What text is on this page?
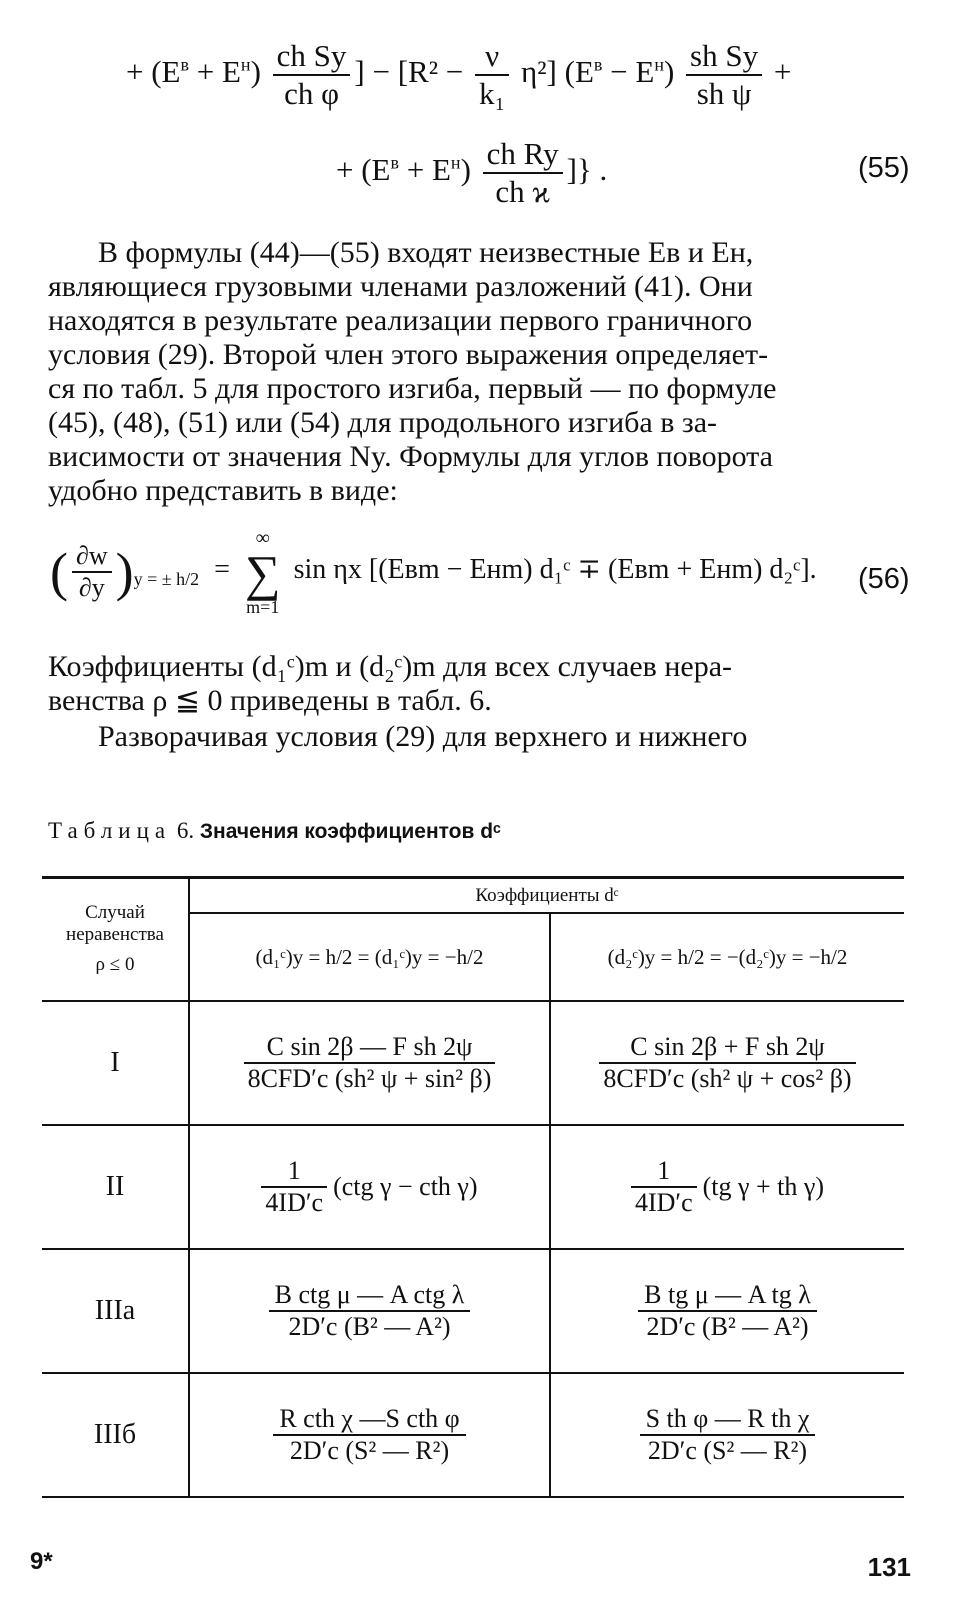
+ $(E^в + E^н) \frac{\text{ch Sy}}{\text{ch φ}}$ ] − $[R^2 - \frac{\nu}{\text{k₁}} \eta^2]$ $(E^в - E^н) \frac{\text{sh Sy}}{\text{sh ψ}}$ +
+ $(E^в + E^н) \frac{\text{ch Ry}}{\text{ch ϰ}}$ ]} .	(55)
В формулы (44)—(55) входят неизвестные Eв и Eн,
являющиеся грузовыми членами разложений (41). Они
находятся в результате реализации первого граничного
условия (29). Второй член этого выражения определяет-
ся по табл. 5 для простого изгиба, первый — по формуле
(45), (48), (51) или (54) для продольного изгиба в за-
висимости от значения Ny. Формулы для углов поворота
удобно представить в виде:
( $\frac{\partial w}{\partial y} )_{y = \pm h/2}$ =
∞
∑
m=1
sin ηx [(Eвm − Eнm) d₁ᶜ ∓ (Eвm + Eнm) d₂ᶜ]. (56)
Коэффициенты (d₁ᶜ)m и (d₂ᶜ)m для всех случаев нера-
венства ρ ≦ 0 приведены в табл. 6.
Разворачивая условия (29) для верхнего и нижнего
Таблица 6. Значения коэффициентов dᶜ
Случай
неравенства
ρ ≤ 0
Коэффициенты dᶜ
(d₁ᶜ)y = h/2 = (d₁ᶜ)y = −h/2	(d₂ᶜ)y = h/2 = −(d₂ᶜ)y = −h/2
I	$\frac{\text{C sin 2β — F sh 2ψ}}{\text{8CFD′c (sh² ψ + sin² β)}}$	$\frac{\text{C sin 2β + F sh 2ψ}}{\text{8CFD′c (sh² ψ + cos² β)}}$
II	$\frac{1}{4ID'c} (ctg$ γ − cth γ)	$\frac{1}{4ID'c} (tg$ γ + th γ)
IIIa	$\frac{\text{B ctg μ — A ctg λ}}{\text{2D′c (B² — A²)}}$	$\frac{\text{B tg μ — A tg λ}}{\text{2D′c (B² — A²)}}$
IIIб	$\frac{\text{R cth χ —S cth φ}}{\text{2D′c (S² — R²)}}$	$\frac{\text{S th φ — R th χ}}{\text{2D′c (S² — R²)}}$
9*	131
